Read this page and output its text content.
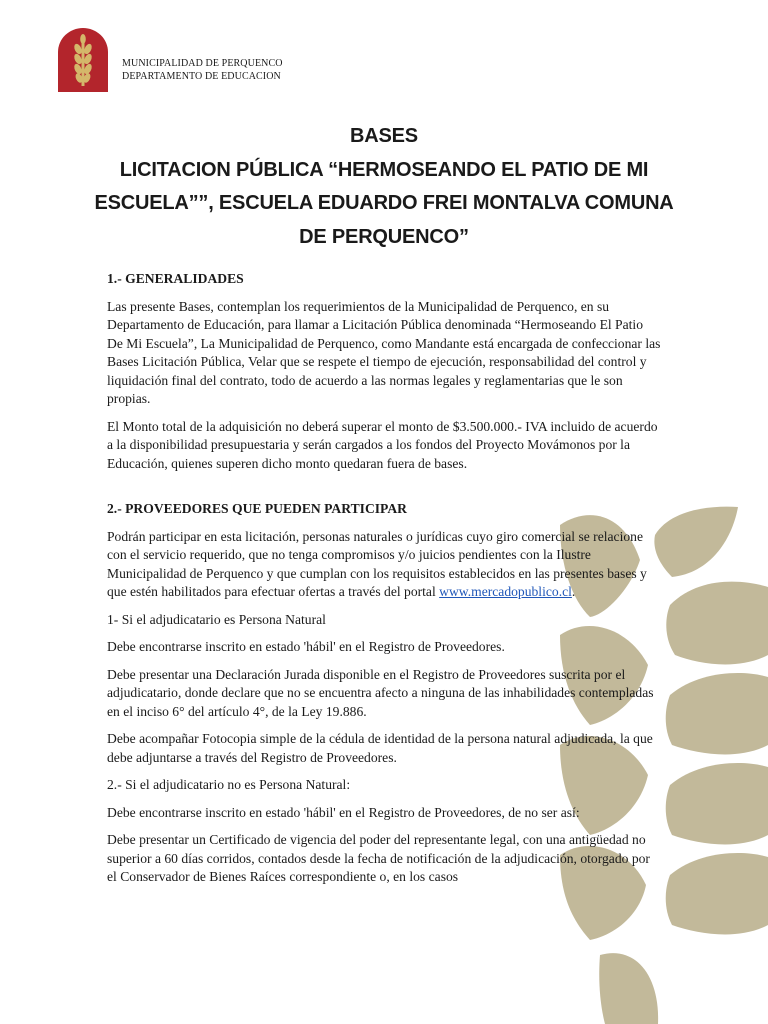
MUNICIPALIDAD DE PERQUENCO
DEPARTAMENTO DE EDUCACION
BASES
LICITACION PÚBLICA “HERMOSEANDO EL PATIO DE MI
ESCUELA””, ESCUELA EDUARDO FREI MONTALVA COMUNA
DE PERQUENCO”
1.- GENERALIDADES

Las presente Bases, contemplan los requerimientos de la Municipalidad de Perquenco, en su Departamento de Educación, para llamar a Licitación Pública denominada “Hermoseando El Patio De Mi Escuela”, La Municipalidad de Perquenco, como Mandante está encargada de confeccionar las Bases Licitación Pública, Velar que se respete el tiempo de ejecución, responsabilidad del control y liquidación final del contrato, todo de acuerdo a las normas legales y reglamentarias que le son propias.

El Monto total de la adquisición no deberá superar el monto de $3.500.000.- IVA incluido de acuerdo a la disponibilidad presupuestaria y serán cargados a los fondos del Proyecto Movámonos por la Educación, quienes superen dicho monto quedaran fuera de bases.

2.- PROVEEDORES QUE PUEDEN PARTICIPAR

Podrán participar en esta licitación, personas naturales o jurídicas cuyo giro comercial se relacione con el servicio requerido, que no tenga compromisos y/o juicios pendientes con la Ilustre Municipalidad de Perquenco y que cumplan con los requisitos establecidos en las presentes bases y que estén habilitados para efectuar ofertas a través del portal www.mercadopublico.cl.

1- Si el adjudicatario es Persona Natural

Debe encontrarse inscrito en estado 'hábil' en el Registro de Proveedores.

Debe presentar una Declaración Jurada disponible en el Registro de Proveedores suscrita por el adjudicatario, donde declare que no se encuentra afecto a ninguna de las inhabilidades contempladas en el inciso 6° del artículo 4°, de la Ley 19.886.

Debe acompañar Fotocopia simple de la cédula de identidad de la persona natural adjudicada, la que debe adjuntarse a través del Registro de Proveedores.

2.- Si el adjudicatario no es Persona Natural:

Debe encontrarse inscrito en estado 'hábil' en el Registro de Proveedores, de no ser así:

Debe presentar un Certificado de vigencia del poder del representante legal, con una antigüedad no superior a 60 días corridos, contados desde la fecha de notificación de la adjudicación, otorgado por el Conservador de Bienes Raíces correspondiente o, en los casos
